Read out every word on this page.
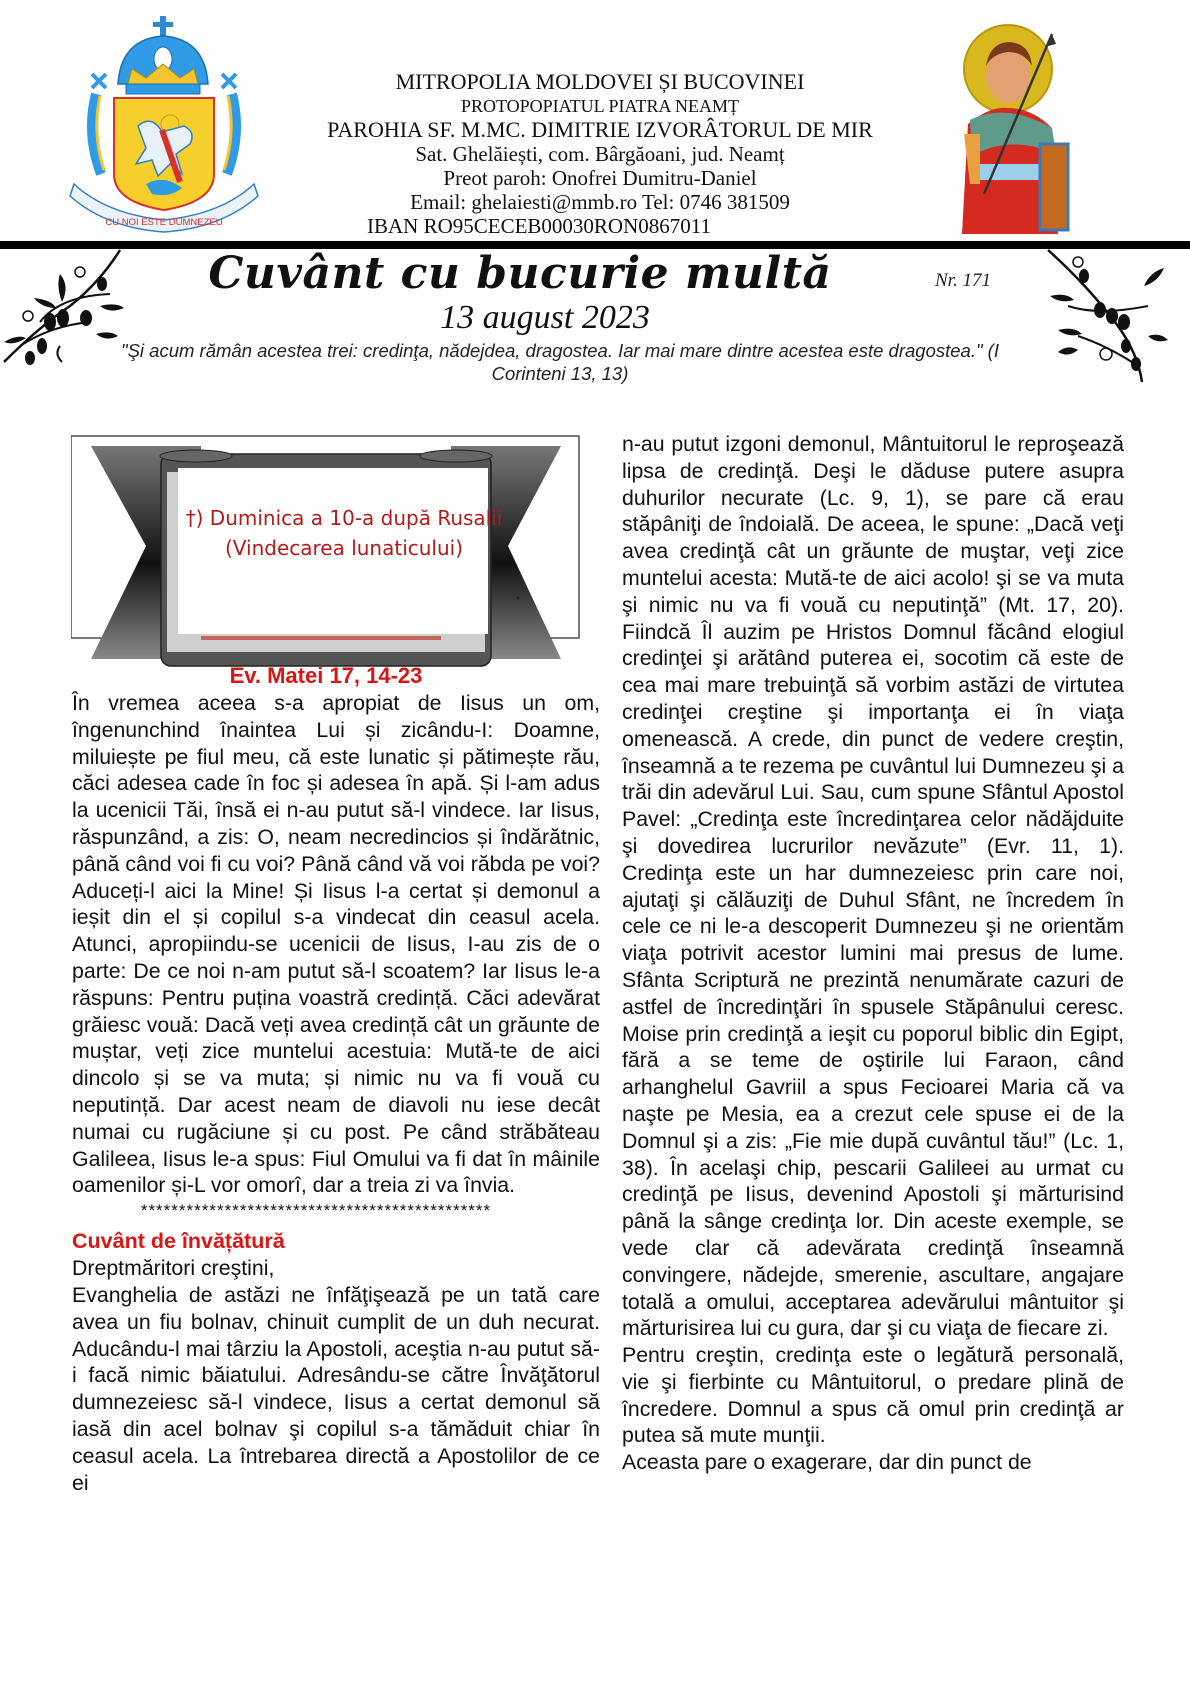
CU NOI ESTE DUMNEZEU
MITROPOLIA MOLDOVEI ȘI BUCOVINEI
PROTOPOPIATUL PIATRA NEAMȚ
PAROHIA SF. M.MC. DIMITRIE IZVORÂTORUL DE MIR
Sat. Ghelăiești, com. Bârgăoani, jud. Neamț
Preot paroh: Onofrei Dumitru-Daniel
Email: ghelaiesti@mmb.ro Tel: 0746 381509
IBAN RO95CECEB00030RON0867011
Cuvânt cu bucurie multă	Nr. 171
13 august 2023
"Şi acum rămân acestea trei: credinţa, nădejdea, dragostea. Iar mai mare dintre acestea este dragostea." (I Corinteni 13, 13)
†) Duminica a 10-a după Rusalii (Vindecarea lunaticului)
Ev. Matei 17, 14-23

În vremea aceea s-a apropiat de Iisus un om, îngenunchind înaintea Lui și zicându-I: Doamne, miluiește pe fiul meu, că este lunatic și pătimește rău, căci adesea cade în foc și adesea în apă. Și l-am adus la ucenicii Tăi, însă ei n-au putut să-l vindece. Iar Iisus, răspunzând, a zis: O, neam necredincios și îndărătnic, până când voi fi cu voi? Până când vă voi răbda pe voi? Aduceți-l aici la Mine! Și Iisus l-a certat și demonul a ieșit din el și copilul s-a vindecat din ceasul acela. Atunci, apropiindu-se ucenicii de Iisus, I-au zis de o parte: De ce noi n-am putut să-l scoatem? Iar Iisus le-a răspuns: Pentru puțina voastră credință. Căci adevărat grăiesc vouă: Dacă veți avea credință cât un grăunte de muștar, veți zice muntelui acestuia: Mută-te de aici dincolo și se va muta; și nimic nu va fi vouă cu neputință. Dar acest neam de diavoli nu iese decât numai cu rugăciune și cu post. Pe când străbăteau Galileea, Iisus le-a spus: Fiul Omului va fi dat în mâinile oamenilor și-L vor omorî, dar a treia zi va învia.

**********************************************

Cuvânt de învățătură

Dreptmăritori creştini,

Evanghelia de astăzi ne înfăţişează pe un tată care avea un fiu bolnav, chinuit cumplit de un duh necurat. Aducându-l mai târziu la Apostoli, aceştia n-au putut să-i facă nimic băiatului. Adresându-se către Învăţătorul dumnezeiesc să-l vindece, Iisus a certat demonul să iasă din acel bolnav şi copilul s-a tămăduit chiar în ceasul acela. La întrebarea directă a Apostolilor de ce ei

n-au putut izgoni demonul, Mântuitorul le reproşează lipsa de credinţă. Deşi le dăduse putere asupra duhurilor necurate (Lc. 9, 1), se pare că erau stăpâniţi de îndoială. De aceea, le spune: „Dacă veţi avea credinţă cât un grăunte de muştar, veţi zice muntelui acesta: Mută-te de aici acolo! şi se va muta şi nimic nu va fi vouă cu neputinţă” (Mt. 17, 20). Fiindcă Îl auzim pe Hristos Domnul făcând elogiul credinţei şi arătând puterea ei, socotim că este de cea mai mare trebuinţă să vorbim astăzi de virtutea credinţei creştine şi importanţa ei în viaţa omenească. A crede, din punct de vedere creştin, înseamnă a te rezema pe cuvântul lui Dumnezeu şi a trăi din adevărul Lui. Sau, cum spune Sfântul Apostol Pavel: „Credinţa este încredinţarea celor nădăjduite şi dovedirea lucrurilor nevăzute” (Evr. 11, 1). Credinţa este un har dumnezeiesc prin care noi, ajutaţi şi călăuziţi de Duhul Sfânt, ne încredem în cele ce ni le-a descoperit Dumnezeu şi ne orientăm viaţa potrivit acestor lumini mai presus de lume. Sfânta Scriptură ne prezintă nenumărate cazuri de astfel de încredinţări în spusele Stăpânului ceresc. Moise prin credinţă a ieşit cu poporul biblic din Egipt, fără a se teme de oştirile lui Faraon, când arhanghelul Gavriil a spus Fecioarei Maria că va naşte pe Mesia, ea a crezut cele spuse ei de la Domnul şi a zis: „Fie mie după cuvântul tău!” (Lc. 1, 38). În acelaşi chip, pescarii Galileei au urmat cu credinţă pe Iisus, devenind Apostoli şi mărturisind până la sânge credinţa lor. Din aceste exemple, se vede clar că adevărata credinţă înseamnă convingere, nădejde, smerenie, ascultare, angajare totală a omului, acceptarea adevărului mântuitor şi mărturisirea lui cu gura, dar şi cu viaţa de fiecare zi.

Pentru creştin, credinţa este o legătură personală, vie şi fierbinte cu Mântuitorul, o predare plină de încredere. Domnul a spus că omul prin credinţă ar putea să mute munţii.

Aceasta pare o exagerare, dar din punct de
